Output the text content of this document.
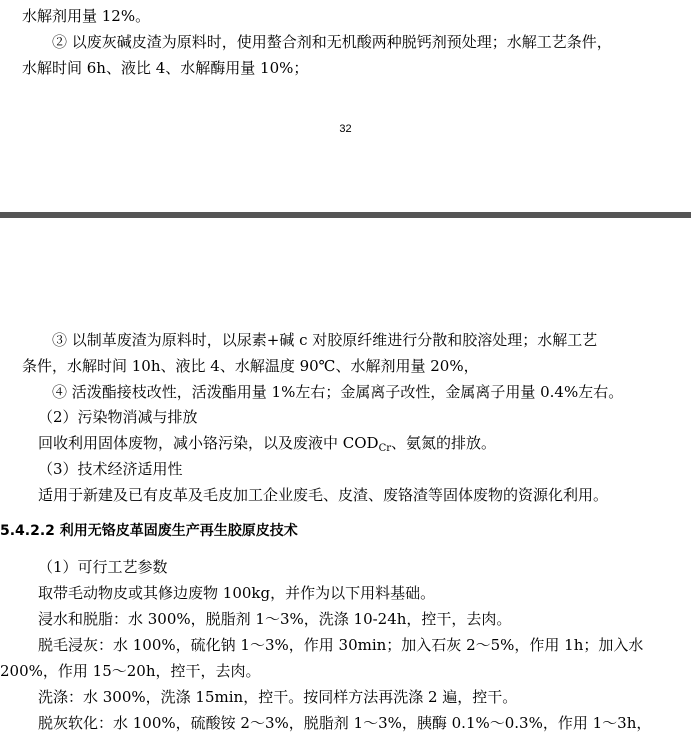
水解剂用量 12%。
② 以废灰碱皮渣为原料时，使用螯合剂和无机酸两种脱钙剂预处理；水解工艺条件，
水解时间 6h、液比 4、水解酶用量 10%；
32
③ 以制革废渣为原料时，以尿素+碱 c 对胶原纤维进行分散和胶溶处理；水解工艺
条件，水解时间 10h、液比 4、水解温度 90℃、水解剂用量 20%，
④ 活泼酯接枝改性，活泼酯用量 1%左右；金属离子改性，金属离子用量 0.4%左右。
（2）污染物消减与排放
回收利用固体废物，减小铬污染，以及废液中 $COD_{Cr}$、氨氮的排放。
（3）技术经济适用性
适用于新建及已有皮革及毛皮加工企业废毛、皮渣、废铬渣等固体废物的资源化利用。
5.4.2.2 利用无铬皮革固废生产再生胶原皮技术
（1）可行工艺参数
取带毛动物皮或其修边废物 100kg，并作为以下用料基础。
浸水和脱脂：水 300%，脱脂剂 1～3%，洗涤 10-24h，控干，去肉。
脱毛浸灰：水 100%，硫化钠 1～3%，作用 30min；加入石灰 2～5%，作用 1h；加入水
200%，作用 15～20h，控干，去肉。
洗涤：水 300%，洗涤 15min，控干。按同样方法再洗涤 2 遍，控干。
脱灰软化：水 100%，硫酸铵 2～3%，脱脂剂 1～3%，胰酶 0.1%～0.3%，作用 1～3h，
